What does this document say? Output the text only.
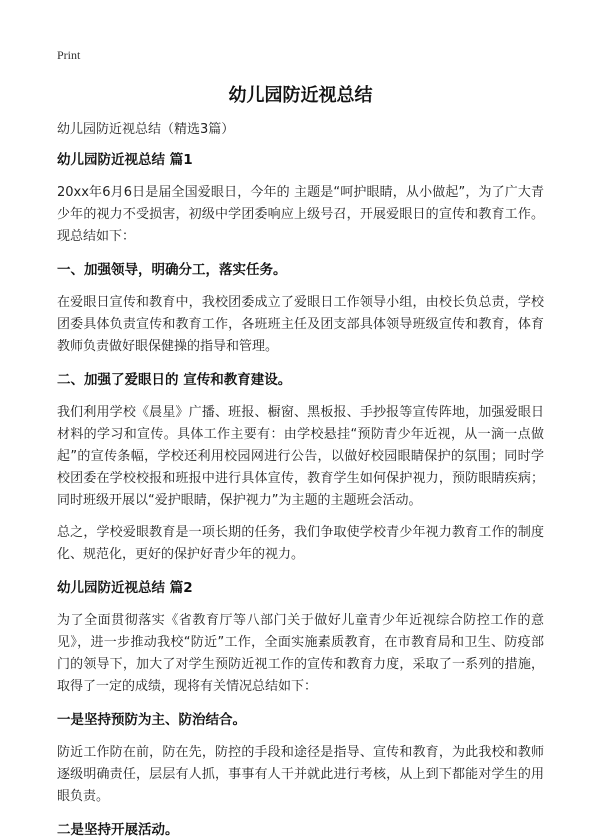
Print
幼儿园防近视总结

幼儿园防近视总结（精选3篇）

幼儿园防近视总结 篇1

20xx年6月6日是届全国爱眼日，今年的 主题是“呵护眼睛，从小做起”，为了广大青少年的视力不受损害，初级中学团委响应上级号召，开展爱眼日的宣传和教育工作。现总结如下：

一、加强领导，明确分工，落实任务。

在爱眼日宣传和教育中，我校团委成立了爱眼日工作领导小组，由校长负总责，学校团委具体负责宣传和教育工作，各班班主任及团支部具体领导班级宣传和教育，体育教师负责做好眼保健操的指导和管理。

二、加强了爱眼日的 宣传和教育建设。

我们利用学校《晨星》广播、班报、橱窗、黑板报、手抄报等宣传阵地，加强爱眼日材料的学习和宣传。具体工作主要有：由学校悬挂“预防青少年近视，从一滴一点做起”的宣传条幅，学校还利用校园网进行公告，以做好校园眼睛保护的氛围；同时学校团委在学校校报和班报中进行具体宣传，教育学生如何保护视力，预防眼睛疾病；同时班级开展以“爱护眼睛，保护视力”为主题的主题班会活动。

总之，学校爱眼教育是一项长期的任务，我们争取使学校青少年视力教育工作的制度化、规范化，更好的保护好青少年的视力。

幼儿园防近视总结 篇2

为了全面贯彻落实《省教育厅等八部门关于做好儿童青少年近视综合防控工作的意见》，进一步推动我校“防近”工作，全面实施素质教育，在市教育局和卫生、防疫部门的领导下，加大了对学生预防近视工作的宣传和教育力度，采取了一系列的措施，取得了一定的成绩，现将有关情况总结如下：

一是坚持预防为主、防治结合。

防近工作防在前，防在先，防控的手段和途径是指导、宣传和教育，为此我校和教师逐级明确责任，层层有人抓，事事有人干并就此进行考核，从上到下都能对学生的用眼负责。

二是坚持开展活动。
